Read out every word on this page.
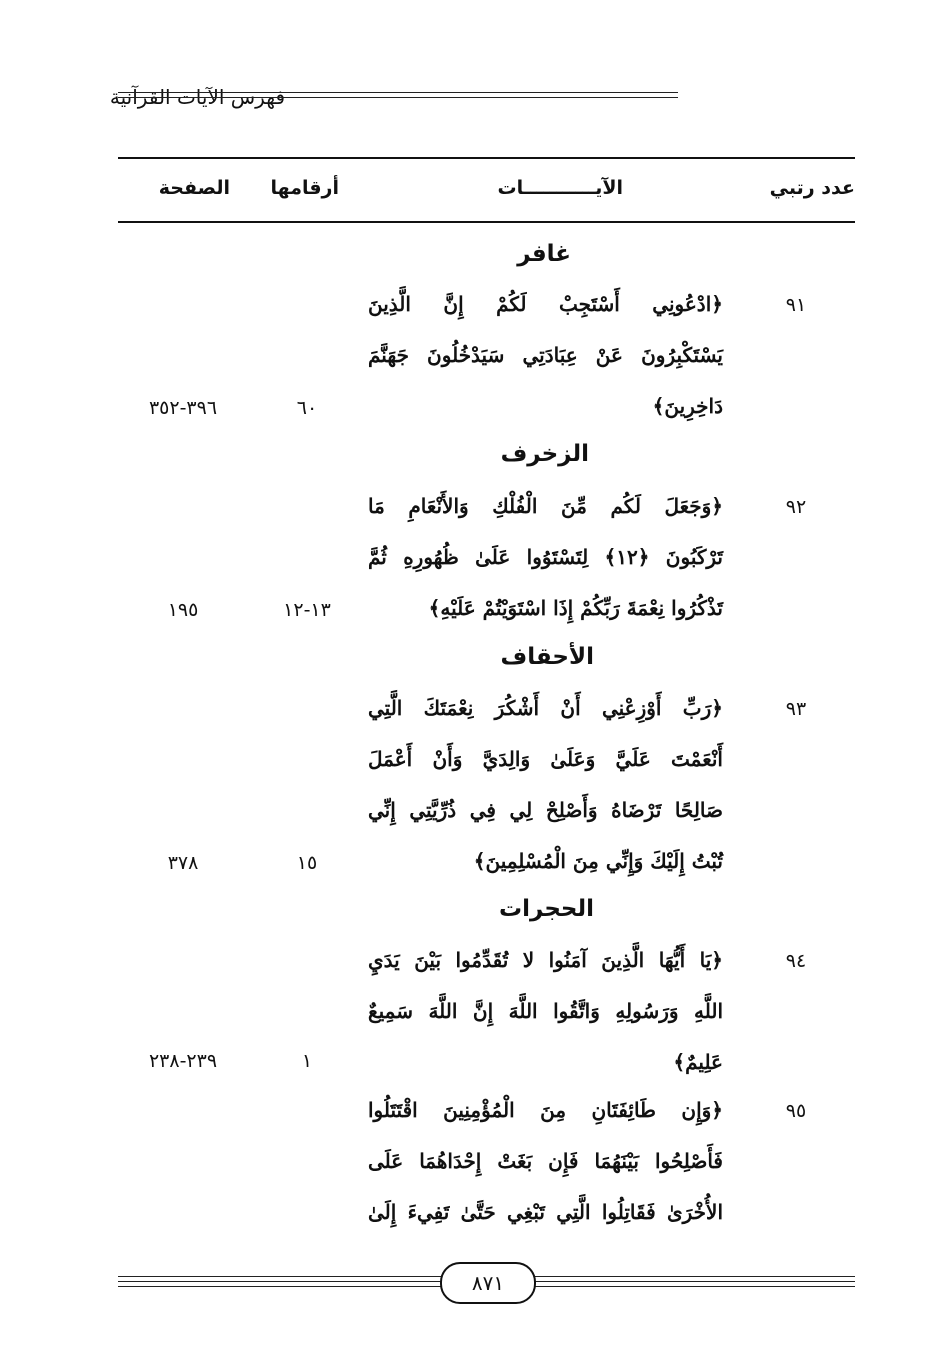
فهرس الآيات القرآنية
عدد رتبي
الآيـــــــــــات
أرقامها
الصفحة
غافر
٩١
﴿ادْعُونِي أَسْتَجِبْ لَكُمْ إِنَّ الَّذِينَ
يَسْتَكْبِرُونَ عَنْ عِبَادَتِي سَيَدْخُلُونَ جَهَنَّمَ
دَاخِرِينَ﴾
٦٠
٣٩٦-٣٥٢
الزخرف
٩٢
﴿وَجَعَلَ لَكُم مِّنَ الْفُلْكِ وَالأَنْعَامِ مَا
تَرْكَبُونَ ﴿١٢﴾ لِتَسْتَوُوا عَلَىٰ ظُهُورِهِ ثُمَّ
تَذْكُرُوا نِعْمَةَ رَبِّكُمْ إِذَا اسْتَوَيْتُمْ عَلَيْهِ﴾
١٣-١٢
١٩٥
الأحقاف
٩٣
﴿رَبِّ أَوْزِعْنِي أَنْ أَشْكُرَ نِعْمَتَكَ الَّتِي
أَنْعَمْتَ عَلَيَّ وَعَلَىٰ وَالِدَيَّ وَأَنْ أَعْمَلَ
صَالِحًا تَرْضَاهُ وَأَصْلِحْ لِي فِي ذُرِّيَّتِي إِنِّي
تُبْتُ إِلَيْكَ وَإِنِّي مِنَ الْمُسْلِمِينَ﴾
١٥
٣٧٨
الحجرات
٩٤
﴿يَا أَيُّهَا الَّذِينَ آمَنُوا لا تُقَدِّمُوا بَيْنَ يَدَيِ
اللَّهِ وَرَسُولِهِ وَاتَّقُوا اللَّهَ إِنَّ اللَّهَ سَمِيعٌ
عَلِيمٌ﴾
١
٢٣٩-٢٣٨
٩٥
﴿وَإِن طَائِفَتَانِ مِنَ الْمُؤْمِنِينَ اقْتَتَلُوا
فَأَصْلِحُوا بَيْنَهُمَا فَإِن بَغَتْ إِحْدَاهُمَا عَلَى
الأُخْرَىٰ فَقَاتِلُوا الَّتِي تَبْغِي حَتَّىٰ تَفِيءَ إِلَىٰ
٨٧١
